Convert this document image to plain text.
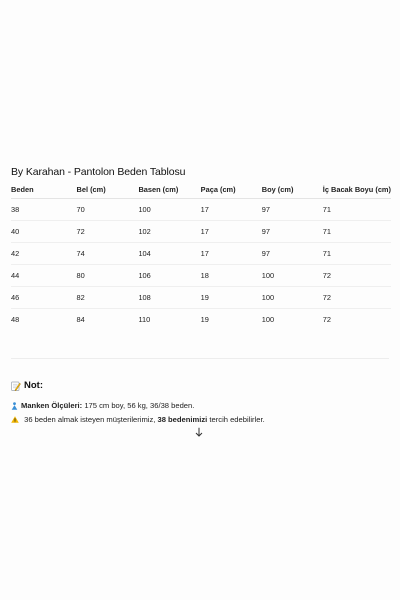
By Karahan - Pantolon Beden Tablosu
Beden	Bel (cm)	Basen (cm)	Paça (cm)	Boy (cm)	İç Bacak Boyu (cm)
38	70	100	17	97	71
40	72	102	17	97	71
42	74	104	17	97	71
44	80	106	18	100	72
46	82	108	19	100	72
48	84	110	19	100	72
Not:
Manken Ölçüleri: 175 cm boy, 56 kg, 36/38 beden.
36 beden almak isteyen müşterilerimiz, 38 bedenimizi tercih edebilirler.
